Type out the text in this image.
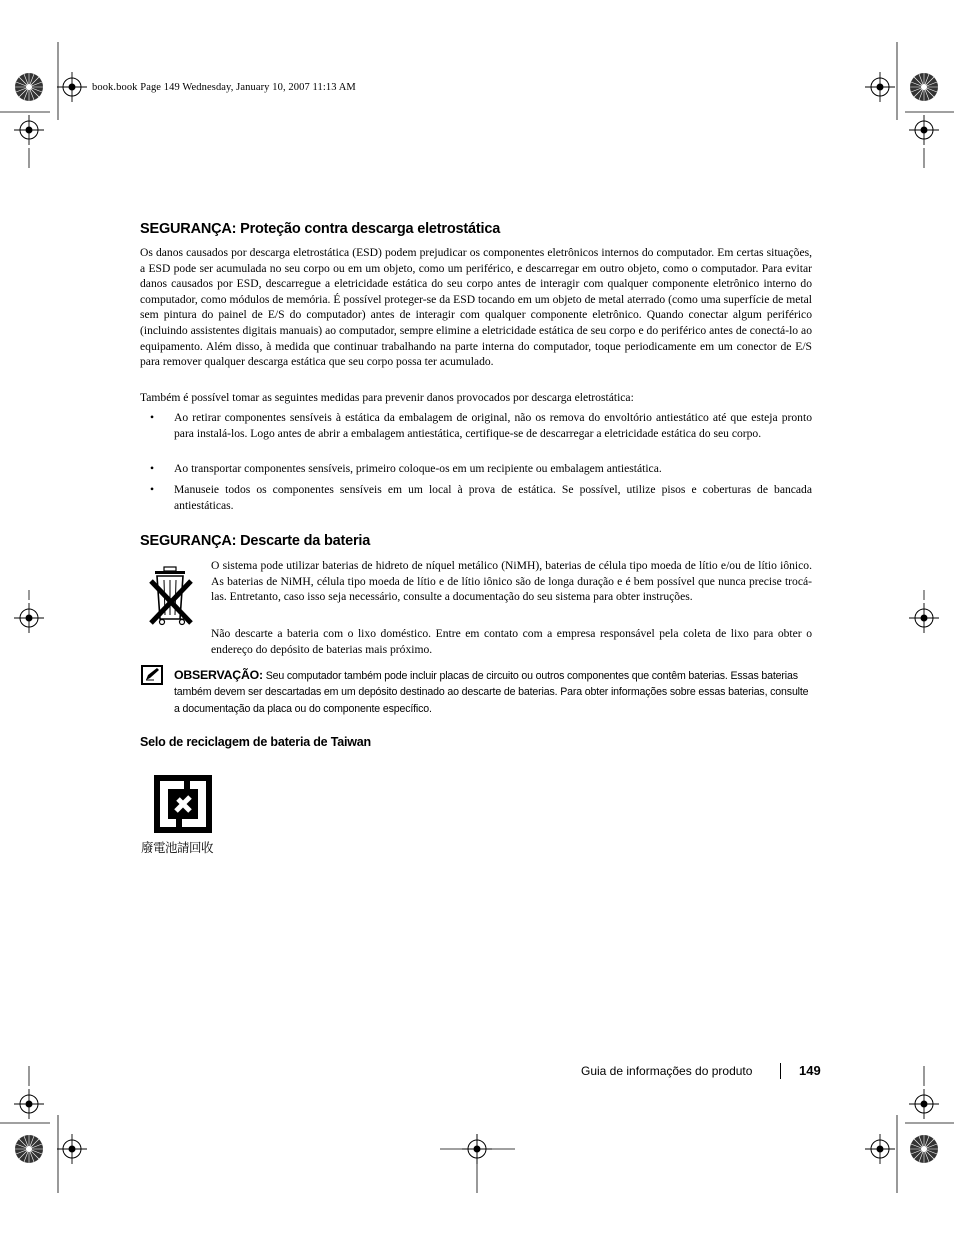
book.book Page 149 Wednesday, January 10, 2007 11:13 AM
SEGURANÇA: Proteção contra descarga eletrostática

Os danos causados por descarga eletrostática (ESD) podem prejudicar os componentes eletrônicos internos do computador. Em certas situações, a ESD pode ser acumulada no seu corpo ou em um objeto, como um periférico, e descarregar em outro objeto, como o computador. Para evitar danos causados por ESD, descarregue a eletricidade estática do seu corpo antes de interagir com qualquer componente eletrônico interno do computador, como módulos de memória. É possível proteger-se da ESD tocando em um objeto de metal aterrado (como uma superfície de metal sem pintura do painel de E/S do computador) antes de interagir com qualquer componente eletrônico. Quando conectar algum periférico (incluindo assistentes digitais manuais) ao computador, sempre elimine a eletricidade estática de seu corpo e do periférico antes de conectá-lo ao equipamento. Além disso, à medida que continuar trabalhando na parte interna do computador, toque periodicamente em um conector de E/S para remover qualquer descarga estática que seu corpo possa ter acumulado.

Também é possível tomar as seguintes medidas para prevenir danos provocados por descarga eletrostática:

•	Ao retirar componentes sensíveis à estática da embalagem de original, não os remova do envoltório antiestático até que esteja pronto para instalá-los. Logo antes de abrir a embalagem antiestática, certifique-se de descarregar a eletricidade estática do seu corpo.

•	Ao transportar componentes sensíveis, primeiro coloque-os em um recipiente ou embalagem antiestática.

•	Manuseie todos os componentes sensíveis em um local à prova de estática. Se possível, utilize pisos e coberturas de bancada antiestáticas.

SEGURANÇA: Descarte da bateria

O sistema pode utilizar baterias de hidreto de níquel metálico (NiMH), baterias de célula tipo moeda de lítio e/ou de lítio iônico. As baterias de NiMH, célula tipo moeda de lítio e de lítio iônico são de longa duração e é bem possível que nunca precise trocá-las. Entretanto, caso isso seja necessário, consulte a documentação do seu sistema para obter instruções.

Não descarte a bateria com o lixo doméstico. Entre em contato com a empresa responsável pela coleta de lixo para obter o endereço do depósito de baterias mais próximo.

OBSERVAÇÃO: Seu computador também pode incluir placas de circuito ou outros componentes que contêm baterias. Essas baterias também devem ser descartadas em um depósito destinado ao descarte de baterias. Para obter informações sobre essas baterias, consulte a documentação da placa ou do componente específico.
Selo de reciclagem de bateria de Taiwan
廢電池請回收
Guia de informações do produto	149
